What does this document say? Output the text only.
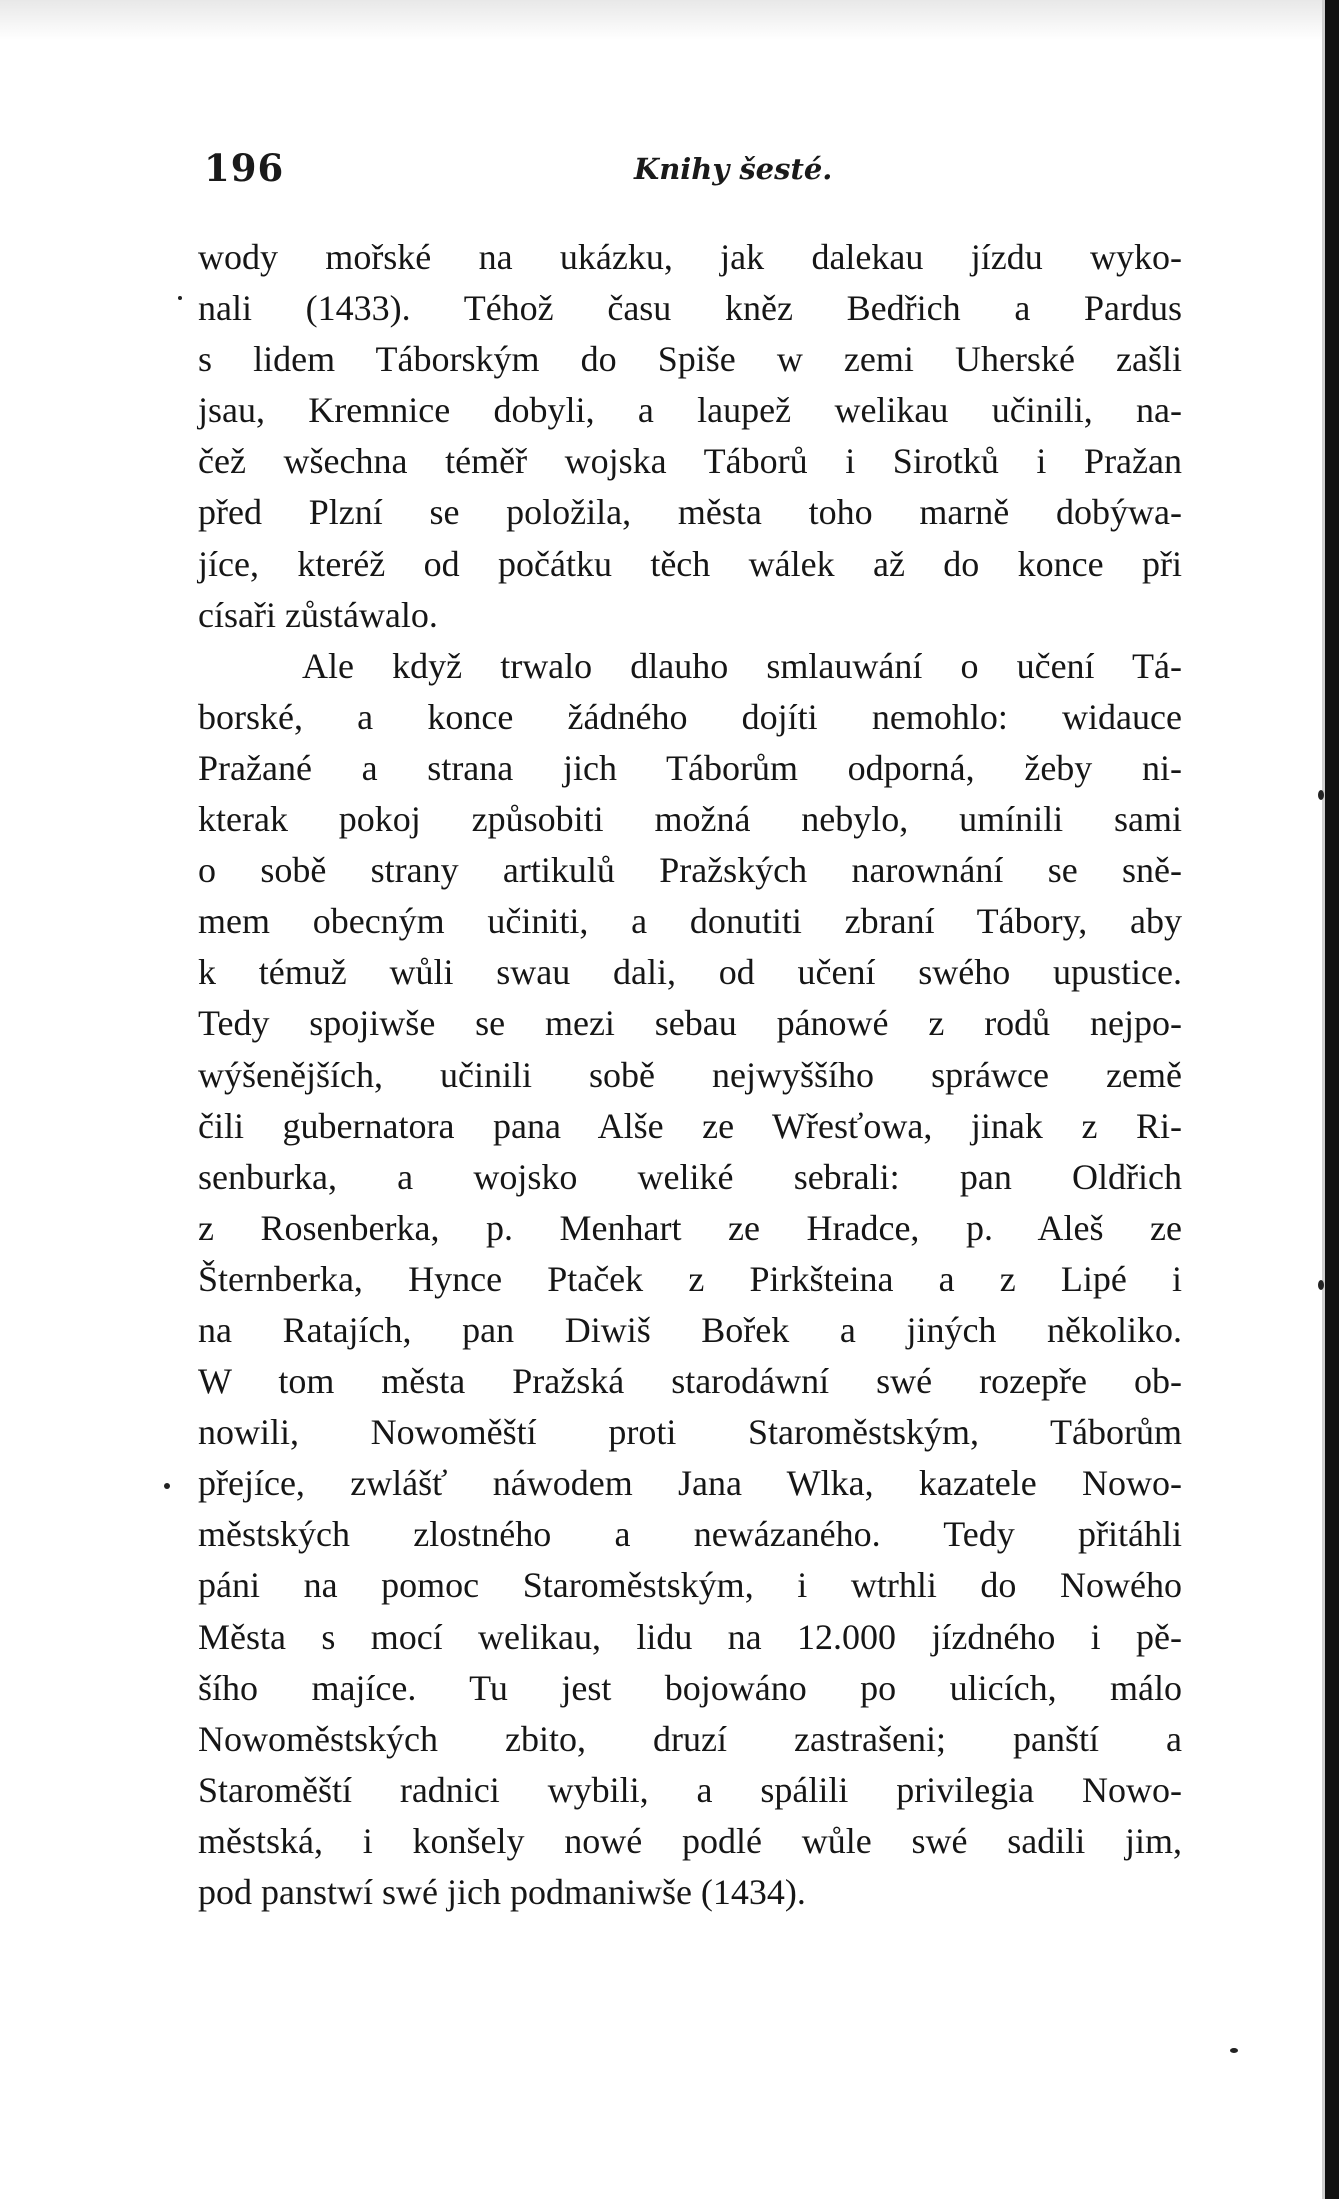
196	Knihy šesté.
wody mořské na ukázku, jak dalekau jízdu wyko-
nali (1433). Téhož času kněz Bedřich a Pardus
s lidem Táborským do Spiše w zemi Uherské zašli
jsau, Kremnice dobyli, a laupež welikau učinili, na-
čež wšechna téměř wojska Táborů i Sirotků i Pražan
před Plzní se položila, města toho marně dobýwa-
jíce, kteréž od počátku těch wálek až do konce při
císaři zůstáwalo.
Ale když trwalo dlauho smlauwání o učení Tá-
borské, a konce žádného dojíti nemohlo: widauce
Pražané a strana jich Táborům odporná, žeby ni-
kterak pokoj způsobiti možná nebylo, umínili sami
o sobě strany artikulů Pražských narownání se sně-
mem obecným učiniti, a donutiti zbraní Tábory, aby
k témuž wůli swau dali, od učení swého upustice.
Tedy spojiwše se mezi sebau pánowé z rodů nejpo-
wýšenějších, učinili sobě nejwyššího spráwce země
čili gubernatora pana Alše ze Wřesťowa, jinak z Ri-
senburka, a wojsko weliké sebrali: pan Oldřich
z Rosenberka, p. Menhart ze Hradce, p. Aleš ze
Šternberka, Hynce Ptaček z Pirkšteina a z Lipé i
na Ratajích, pan Diwiš Bořek a jiných několiko.
W tom města Pražská starodáwní swé rozepře ob-
nowili, Nowoměští proti Staroměstským, Táborům
přejíce, zwlášť náwodem Jana Wlka, kazatele Nowo-
městských zlostného a newázaného. Tedy přitáhli
páni na pomoc Staroměstským, i wtrhli do Nowého
Města s mocí welikau, lidu na 12.000 jízdného i pě-
šího majíce. Tu jest bojowáno po ulicích, málo
Nowoměstských zbito, druzí zastrašeni; panští a
Staroměští radnici wybili, a spálili privilegia Nowo-
městská, i konšely nowé podlé wůle swé sadili jim,
pod panstwí swé jich podmaniwše (1434).
